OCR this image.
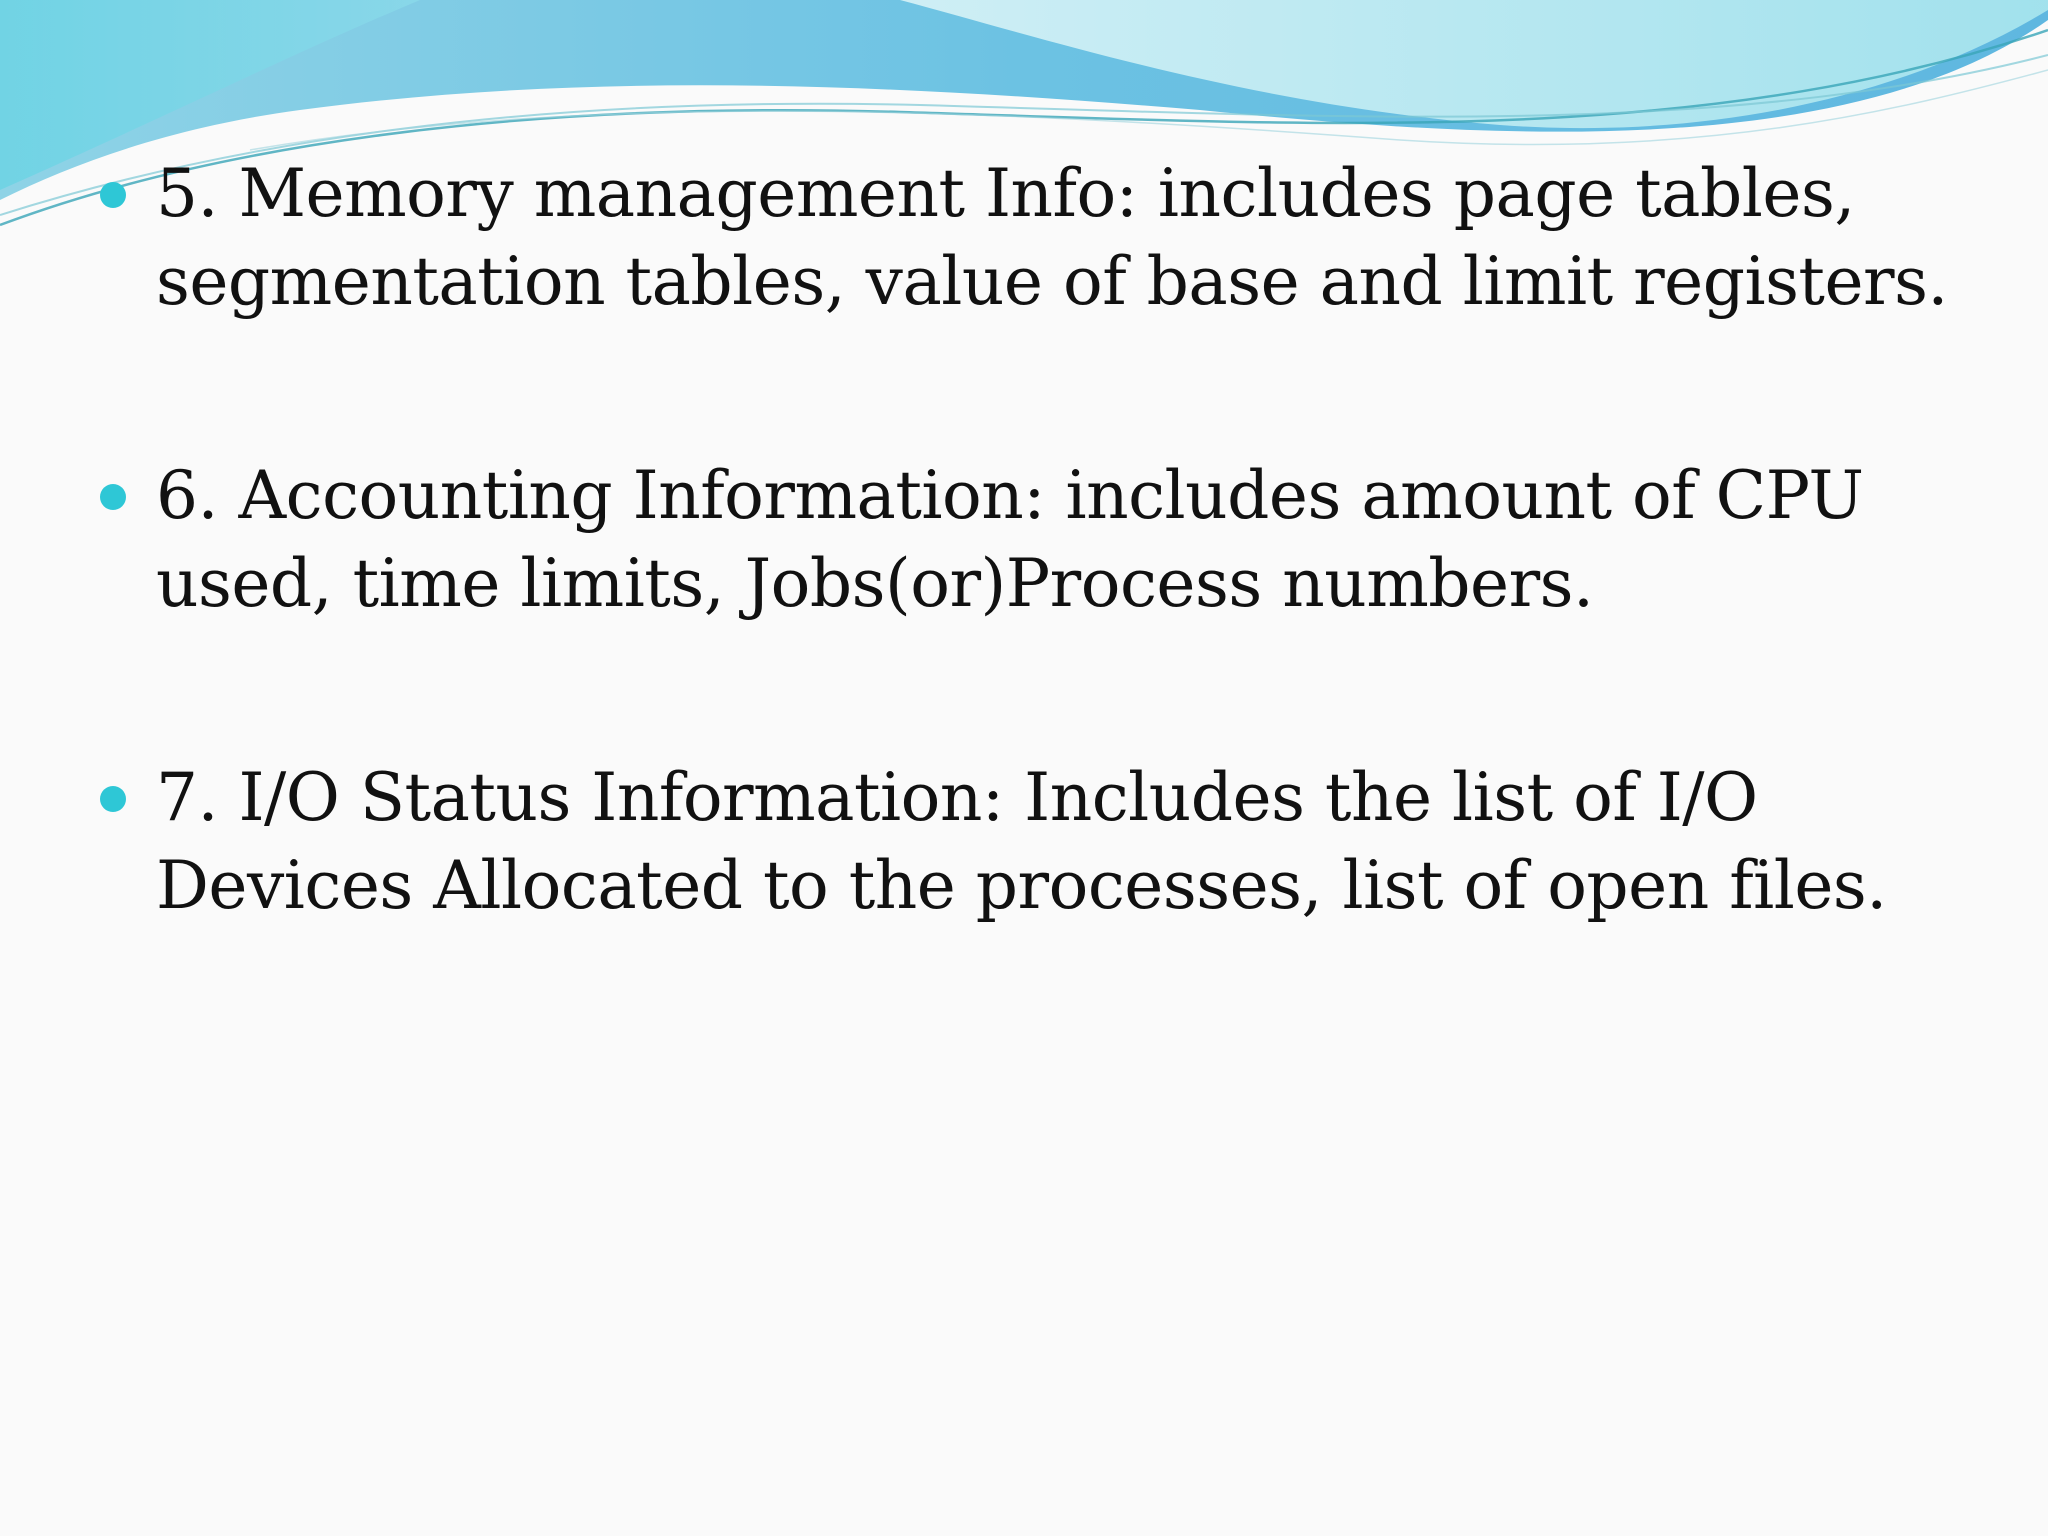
5. Memory management Info: includes page tables, segmentation tables, value of base and limit registers.
6. Accounting Information: includes amount of CPU used, time limits, Jobs(or)Process numbers.
7. I/O Status Information: Includes the list of I/O Devices Allocated to the processes, list of open files.
